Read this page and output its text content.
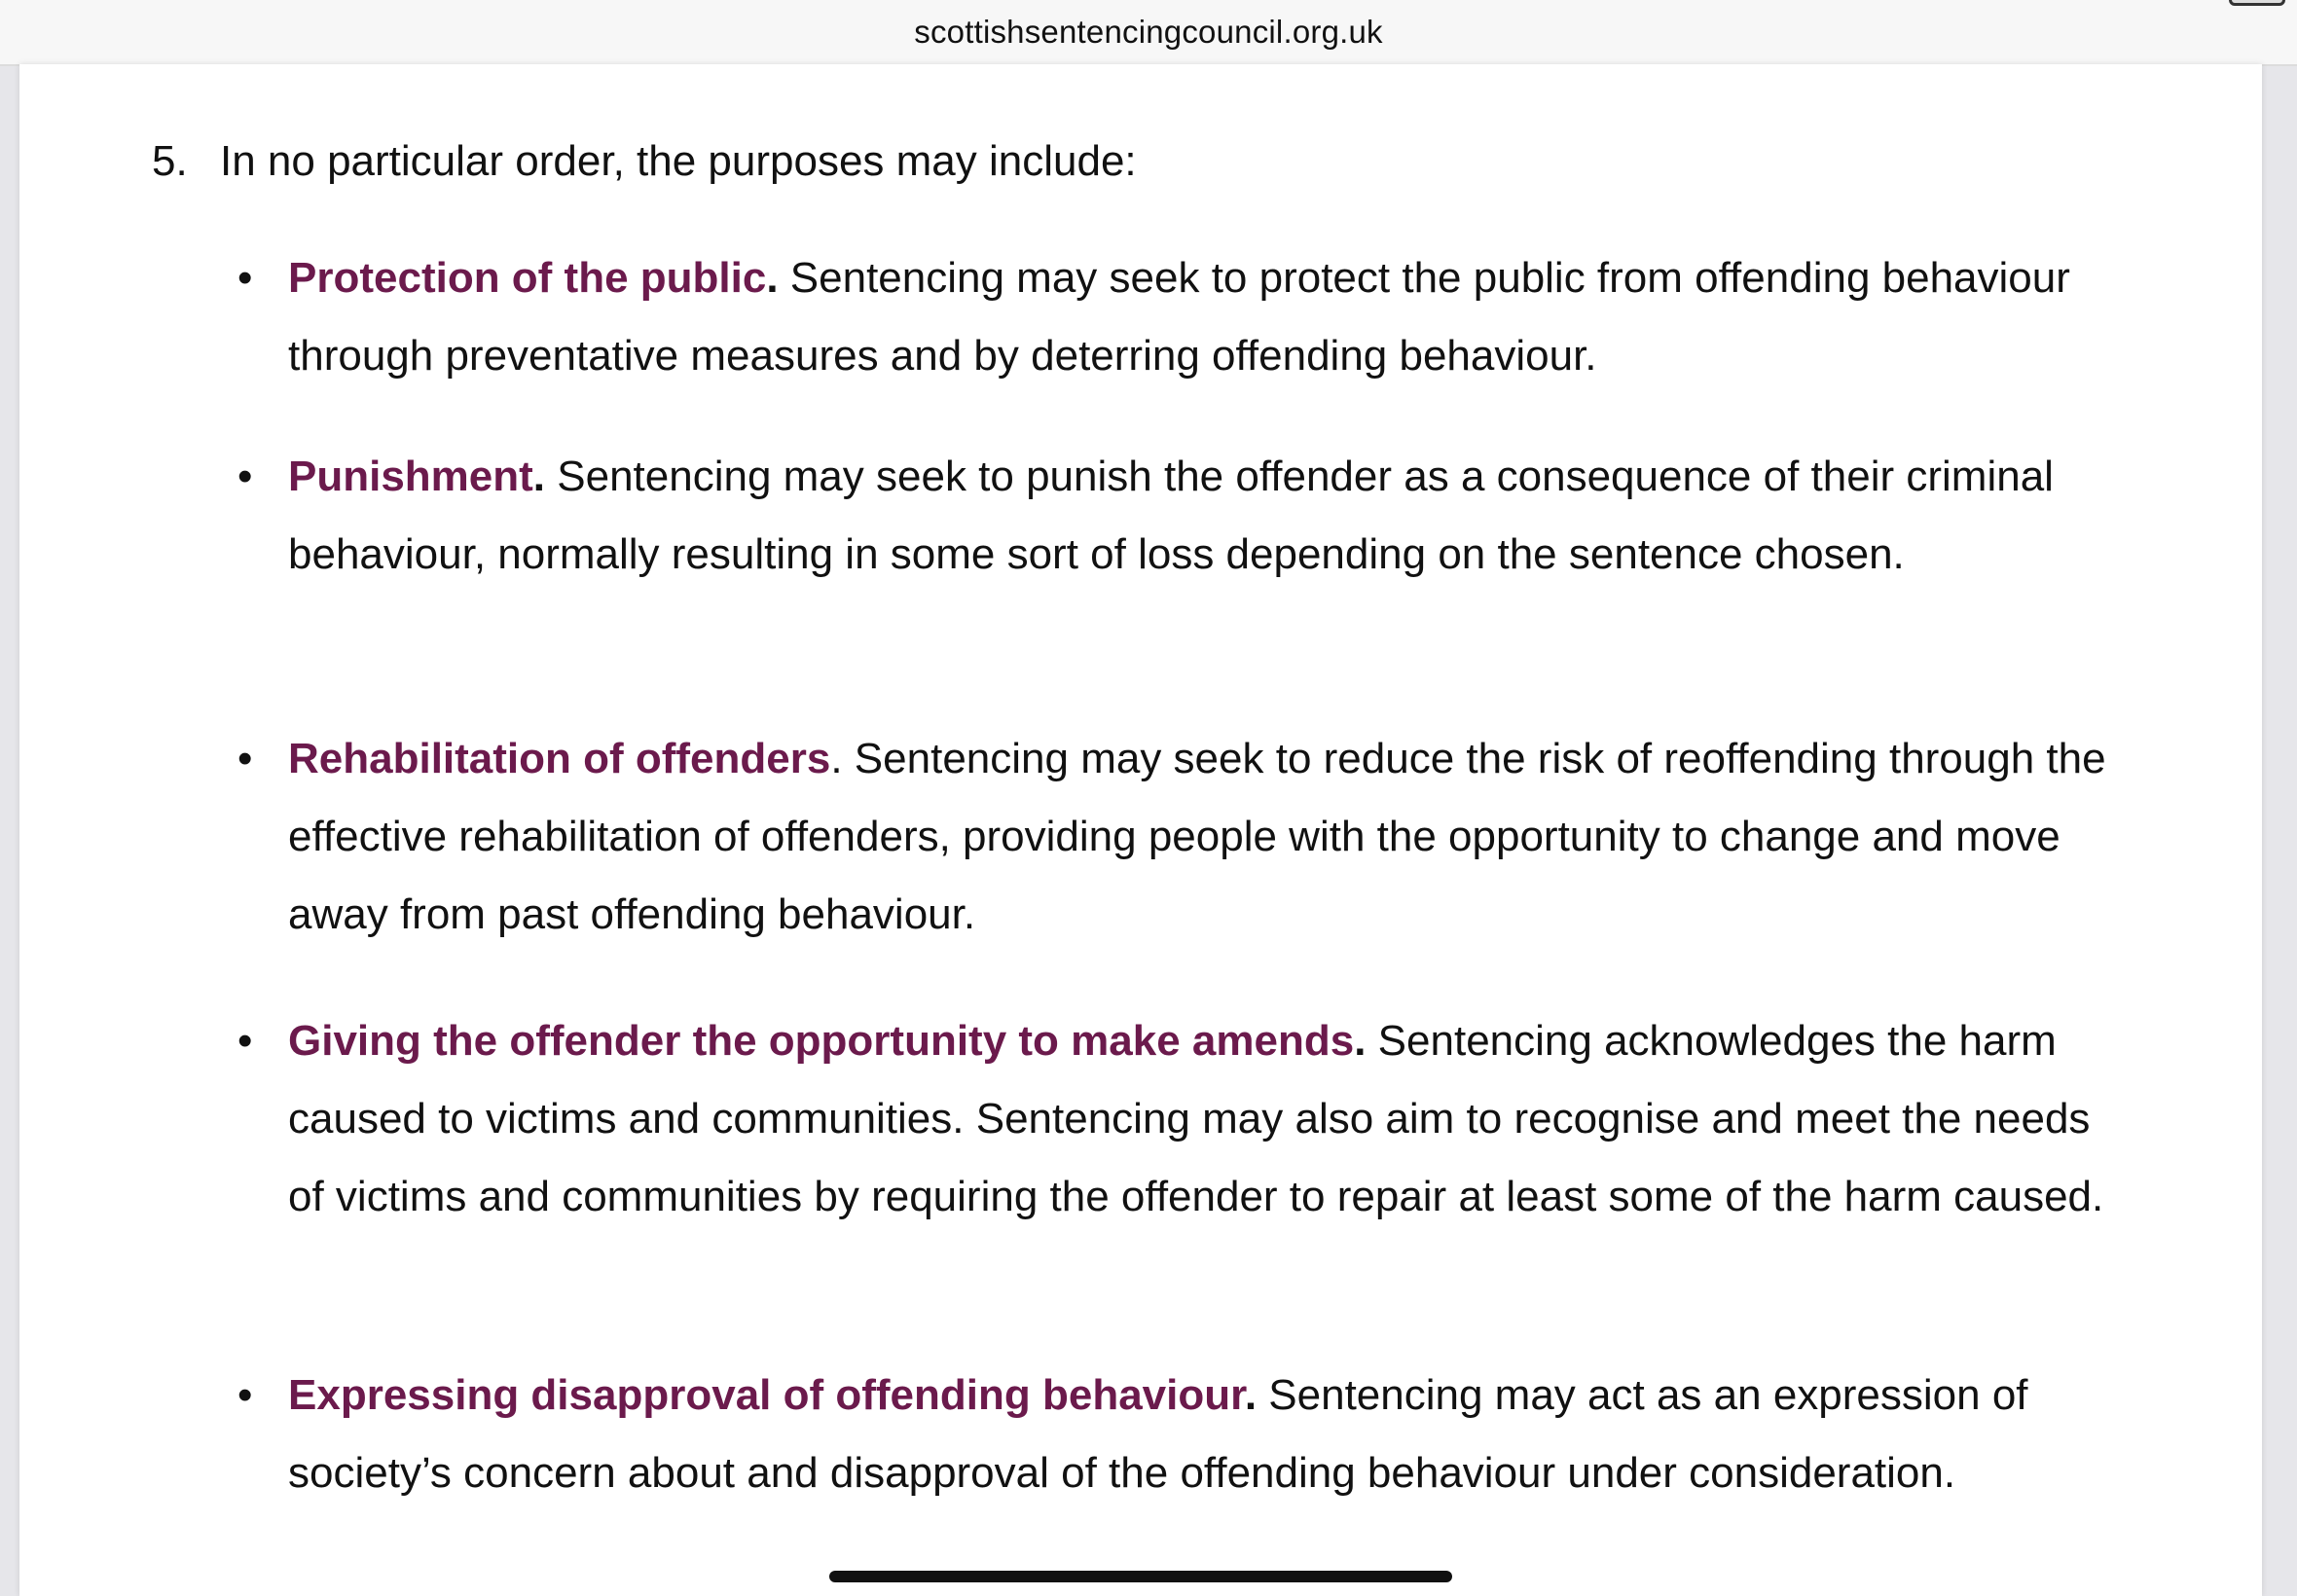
scottishsentencingcouncil.org.uk
5. In no particular order, the purposes may include:
• Protection of the public. Sentencing may seek to protect the public from offending behaviour through preventative measures and by deterring offending behaviour.
• Punishment. Sentencing may seek to punish the offender as a consequence of their criminal behaviour, normally resulting in some sort of loss depending on the sentence chosen.
• Rehabilitation of offenders. Sentencing may seek to reduce the risk of reoffending through the effective rehabilitation of offenders, providing people with the opportunity to change and move away from past offending behaviour.
• Giving the offender the opportunity to make amends. Sentencing acknowledges the harm caused to victims and communities. Sentencing may also aim to recognise and meet the needs of victims and communities by requiring the offender to repair at least some of the harm caused.
• Expressing disapproval of offending behaviour. Sentencing may act as an expression of society’s concern about and disapproval of the offending behaviour under consideration.
